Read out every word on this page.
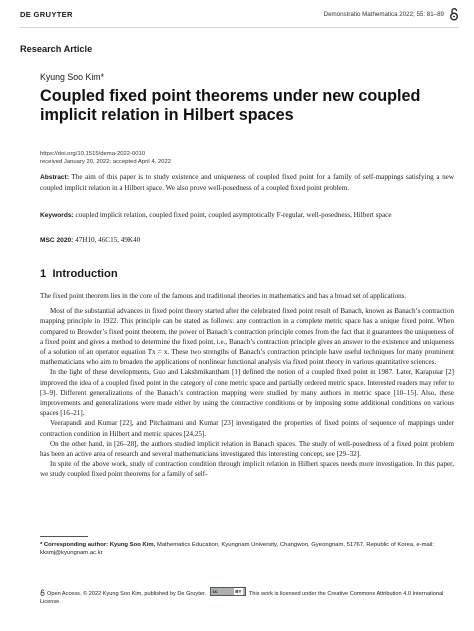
DE GRUYTER	Demonstratio Mathematica 2022; 55: 81–89
Research Article
Kyung Soo Kim*
Coupled fixed point theorems under new coupled implicit relation in Hilbert spaces
https://doi.org/10.1515/dema-2022-0010
received January 20, 2022; accepted April 4, 2022
Abstract: The aim of this paper is to study existence and uniqueness of coupled fixed point for a family of self-mappings satisfying a new coupled implicit relation in a Hilbert space. We also prove well-posedness of a coupled fixed point problem.
Keywords: coupled implicit relation, coupled fixed point, coupled asymptotically F-regular, well-posedness, Hilbert space
MSC 2020: 47H10, 46C15, 49K40
1 Introduction

The fixed point theorem lies in the core of the famous and traditional theories in mathematics and has a broad set of applications.

Most of the substantial advances in fixed point theory started after the celebrated fixed point result of Banach, known as Banach’s contraction mapping principle in 1922. This principle can be stated as follows: any contraction in a complete metric space has a unique fixed point. When compared to Browder’s fixed point theorem, the power of Banach’s contraction principle comes from the fact that it guarantees the uniqueness of a fixed point and gives a method to determine the fixed point, i.e., Banach’s contraction principle gives an answer to the existence and uniqueness of a solution of an operator equation Tx = x. These two strengths of Banach’s contraction principle have useful techniques for many prominent mathematicians who aim to broaden the applications of nonlinear functional analysis via fixed point theory in various quantitative sciences.

In the light of these developments, Guo and Lakshmikantham [1] defined the notion of a coupled fixed point in 1987. Later, Karapınar [2] improved the idea of a coupled fixed point in the category of cone metric space and partially ordered metric space. Interested readers may refer to [3–9]. Different generalizations of the Banach’s contraction mapping were studied by many authors in metric space [10–15]. Also, these improvements and generalizations were made either by using the contractive conditions or by imposing some additional conditions on various spaces [16–21].

Veerapandi and Kumar [22], and Pitchaimani and Kumar [23] investigated the properties of fixed points of sequence of mappings under contraction condition in Hilbert and metric spaces [24,25].

On the other hand, in [26–28], the authors studied implicit relation in Banach spaces. The study of well-posedness of a fixed point problem has been an active area of research and several mathematicians investigated this interesting concept, see [29–32].

In spite of the above work, study of contraction condition through implicit relation in Hilbert spaces needs more investigation. In this paper, we study coupled fixed point theorems for a family of self-

* Corresponding author: Kyung Soo Kim, Mathematics Education, Kyungnam University, Changwon, Gyeongnam, 51767, Republic of Korea, e-mail: kksmj@kyungnam.ac.kr
Open Access. © 2022 Kyung Soo Kim, published by De Gruyter. cc	BY This work is licensed under the Creative Commons Attribution 4.0 International License.
